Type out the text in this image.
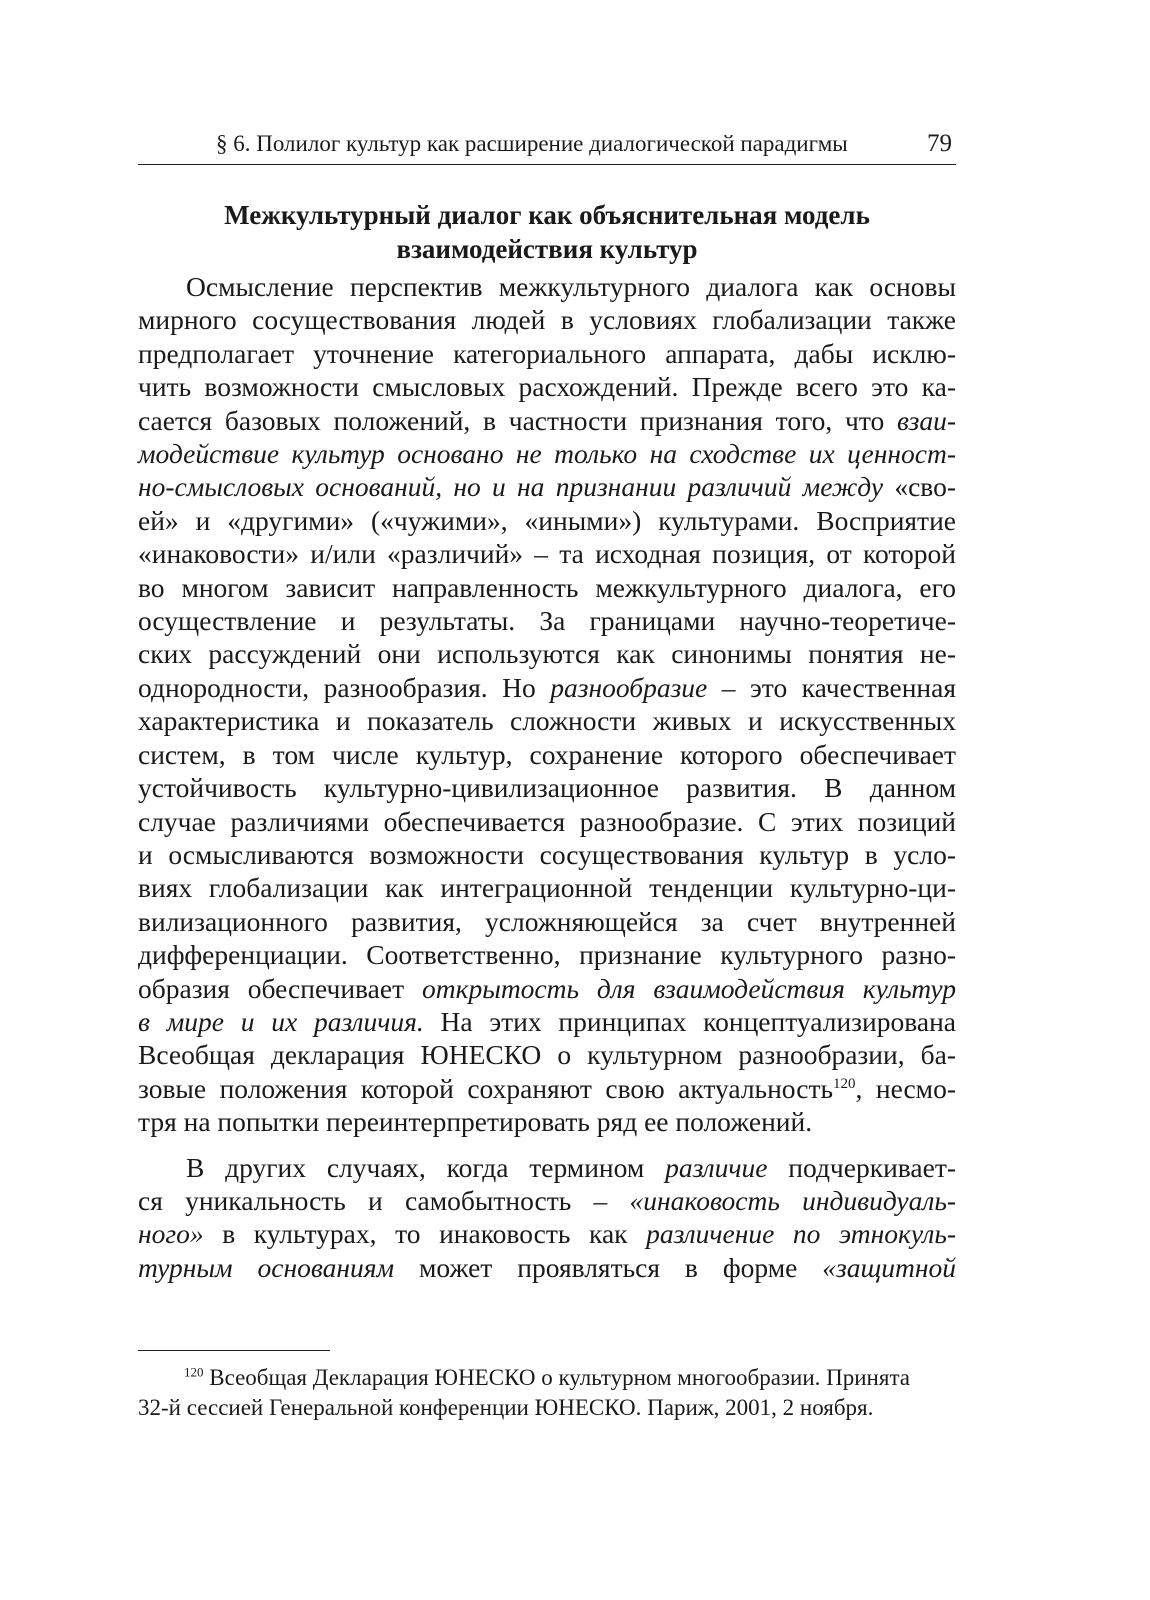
§ 6. Полилог культур как расширение диалогической парадигмы	79
Межкультурный диалог как объяснительная модель
взаимодействия культур

Осмысление перспектив межкультурного диалога как основы
мирного сосуществования людей в условиях глобализации также
предполагает уточнение категориального аппарата, дабы исклю-
чить возможности смысловых расхождений. Прежде всего это ка-
сается базовых положений, в частности признания того, что взаи-
модействие культур основано не только на сходстве их ценност-
но-смысловых оснований, но и на признании различий между «сво-
ей» и «другими» («чужими», «иными») культурами. Восприятие
«инаковости» и/или «различий» – та исходная позиция, от которой
во многом зависит направленность межкультурного диалога, его
осуществление и результаты. За границами научно-теоретиче-
ских рассуждений они используются как синонимы понятия не-
однородности, разнообразия. Но разнообразие – это качественная
характеристика и показатель сложности живых и искусственных
систем, в том числе культур, сохранение которого обеспечивает
устойчивость культурно-цивилизационное развития. В данном
случае различиями обеспечивается разнообразие. С этих позиций
и осмысливаются возможности сосуществования культур в усло-
виях глобализации как интеграционной тенденции культурно-ци-
вилизационного развития, усложняющейся за счет внутренней
дифференциации. Соответственно, признание культурного разно-
образия обеспечивает открытость для взаимодействия культур
в мире и их различия. На этих принципах концептуализирована
Всеобщая декларация ЮНЕСКО о культурном разнообразии, ба-
зовые положения которой сохраняют свою актуальность$^{120}$, несмо-
тря на попытки переинтерпретировать ряд ее положений.

В других случаях, когда термином различие подчеркивает-
ся уникальность и самобытность – «инаковость индивидуаль-
ного» в культурах, то инаковость как различение по этнокуль-
турным основаниям может проявляться в форме «защитной

$^{120}$ Всеобщая Декларация ЮНЕСКО о культурном многообразии. Принята
32-й сессией Генеральной конференции ЮНЕСКО. Париж, 2001, 2 ноября.
